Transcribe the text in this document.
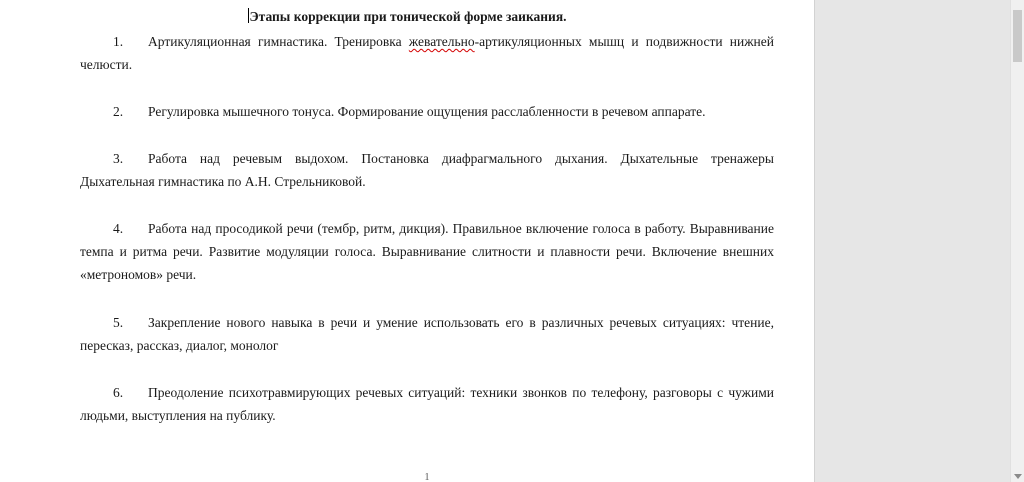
Этапы коррекции при тонической форме заикания.
1. Артикуляционная гимнастика. Тренировка жевательно-артикуляционных мышц и подвижности нижней челюсти.
2. Регулировка мышечного тонуса. Формирование ощущения расслабленности в речевом аппарате.
3. Работа над речевым выдохом. Постановка диафрагмального дыхания. Дыхательные тренажеры Дыхательная гимнастика по А.Н. Стрельниковой.
4. Работа над просодикой речи (тембр, ритм, дикция). Правильное включение голоса в работу. Выравнивание темпа и ритма речи. Развитие модуляции голоса. Выравнивание слитности и плавности речи. Включение внешних «метрономов» речи.
5. Закрепление нового навыка в речи и умение использовать его в различных речевых ситуациях: чтение, пересказ, рассказ, диалог, монолог
6. Преодоление психотравмирующих речевых ситуаций: техники звонков по телефону, разговоры с чужими людьми, выступления на публику.
1
